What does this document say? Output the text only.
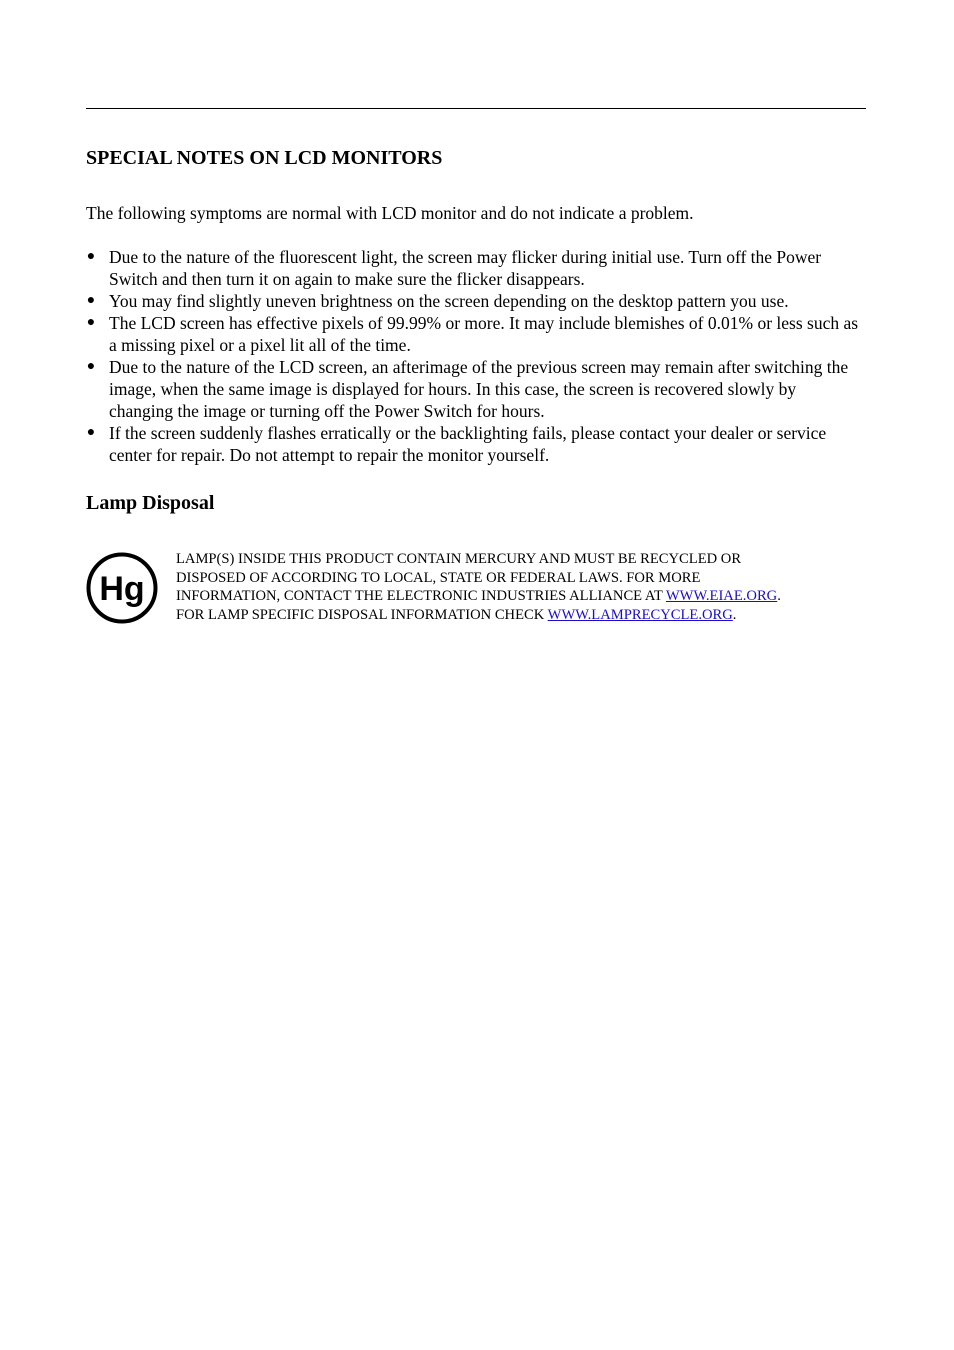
SPECIAL NOTES ON LCD MONITORS

The following symptoms are normal with LCD monitor and do not indicate a problem.

● Due to the nature of the fluorescent light, the screen may flicker during initial use. Turn off the Power Switch and then turn it on again to make sure the flicker disappears.
● You may find slightly uneven brightness on the screen depending on the desktop pattern you use.
● The LCD screen has effective pixels of 99.99% or more. It may include blemishes of 0.01% or less such as a missing pixel or a pixel lit all of the time.
● Due to the nature of the LCD screen, an afterimage of the previous screen may remain after switching the image, when the same image is displayed for hours. In this case, the screen is recovered slowly by changing the image or turning off the Power Switch for hours.
● If the screen suddenly flashes erratically or the backlighting fails, please contact your dealer or service center for repair. Do not attempt to repair the monitor yourself.
Lamp Disposal
Hg

LAMP(S) INSIDE THIS PRODUCT CONTAIN MERCURY AND MUST BE RECYCLED OR
DISPOSED OF ACCORDING TO LOCAL, STATE OR FEDERAL LAWS. FOR MORE
INFORMATION, CONTACT THE ELECTRONIC INDUSTRIES ALLIANCE AT WWW.EIAE.ORG.
FOR LAMP SPECIFIC DISPOSAL INFORMATION CHECK WWW.LAMPRECYCLE.ORG.
